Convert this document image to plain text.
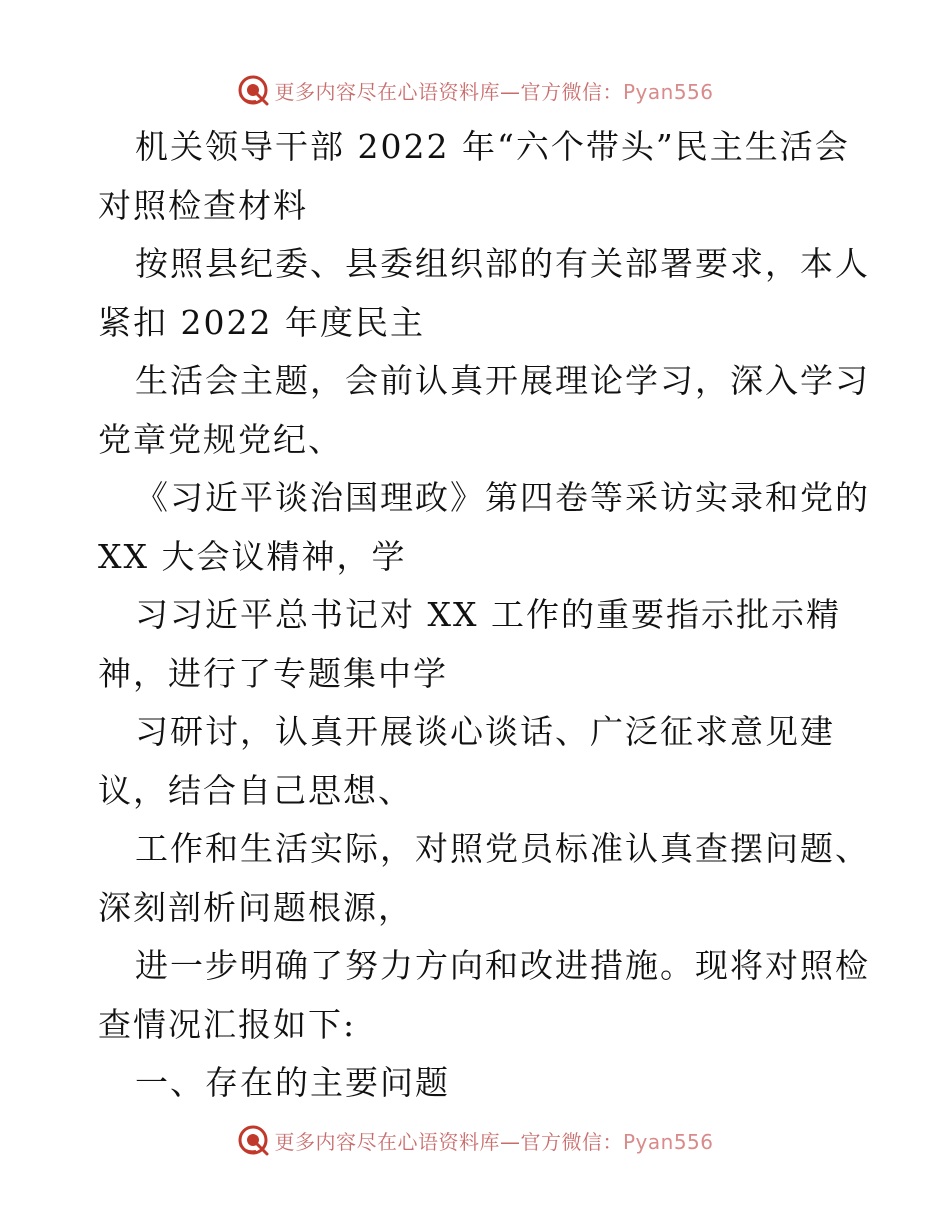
更多内容尽在心语资料库—官方微信：Pyan556
机关领导干部 2022 年“六个带头”民主生活会
对照检查材料
按照县纪委、县委组织部的有关部署要求，本人
紧扣 2022 年度民主
生活会主题，会前认真开展理论学习，深入学习
党章党规党纪、
《习近平谈治国理政》第四卷等采访实录和党的
XX 大会议精神，学
习习近平总书记对 XX 工作的重要指示批示精
神，进行了专题集中学
习研讨，认真开展谈心谈话、广泛征求意见建
议，结合自己思想、
工作和生活实际，对照党员标准认真查摆问题、
深刻剖析问题根源，
进一步明确了努力方向和改进措施。现将对照检
查情况汇报如下:
一、存在的主要问题
更多内容尽在心语资料库—官方微信：Pyan556
